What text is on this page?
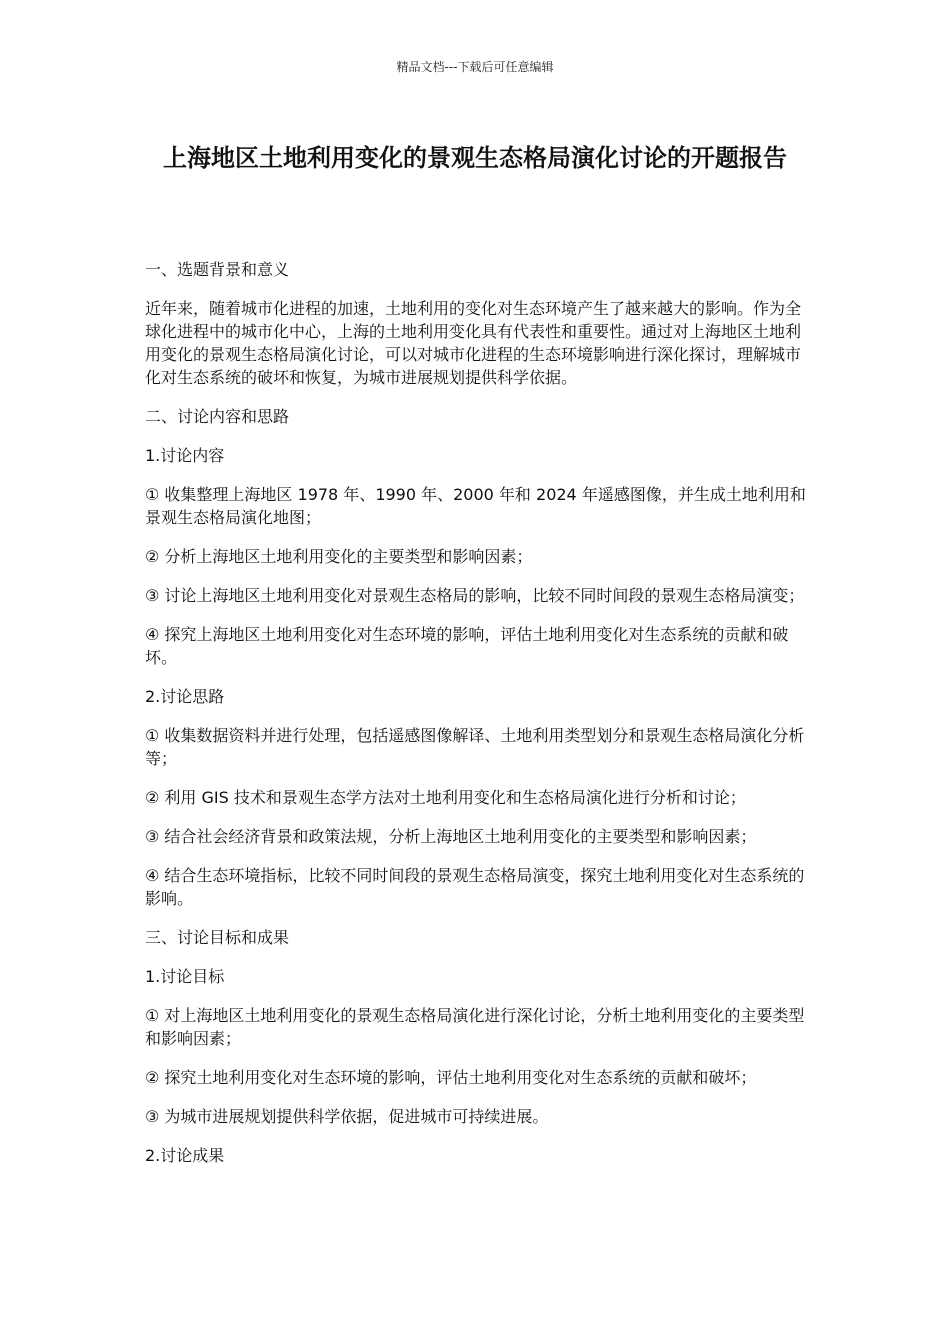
精品文档---下载后可任意编辑
上海地区土地利用变化的景观生态格局演化讨论的开题报告

一、选题背景和意义

近年来，随着城市化进程的加速，土地利用的变化对生态环境产生了越来越大的影响。作为全球化进程中的城市化中心，上海的土地利用变化具有代表性和重要性。通过对上海地区土地利用变化的景观生态格局演化讨论，可以对城市化进程的生态环境影响进行深化探讨，理解城市化对生态系统的破坏和恢复，为城市进展规划提供科学依据。

二、讨论内容和思路

1.讨论内容

① 收集整理上海地区 1978 年、1990 年、2000 年和 2024 年遥感图像，并生成土地利用和景观生态格局演化地图；

② 分析上海地区土地利用变化的主要类型和影响因素；

③ 讨论上海地区土地利用变化对景观生态格局的影响，比较不同时间段的景观生态格局演变；

④ 探究上海地区土地利用变化对生态环境的影响，评估土地利用变化对生态系统的贡献和破坏。

2.讨论思路

① 收集数据资料并进行处理，包括遥感图像解译、土地利用类型划分和景观生态格局演化分析等；

② 利用 GIS 技术和景观生态学方法对土地利用变化和生态格局演化进行分析和讨论；

③ 结合社会经济背景和政策法规，分析上海地区土地利用变化的主要类型和影响因素；

④ 结合生态环境指标，比较不同时间段的景观生态格局演变，探究土地利用变化对生态系统的影响。

三、讨论目标和成果

1.讨论目标

① 对上海地区土地利用变化的景观生态格局演化进行深化讨论，分析土地利用变化的主要类型和影响因素；

② 探究土地利用变化对生态环境的影响，评估土地利用变化对生态系统的贡献和破坏；

③ 为城市进展规划提供科学依据，促进城市可持续进展。

2.讨论成果
